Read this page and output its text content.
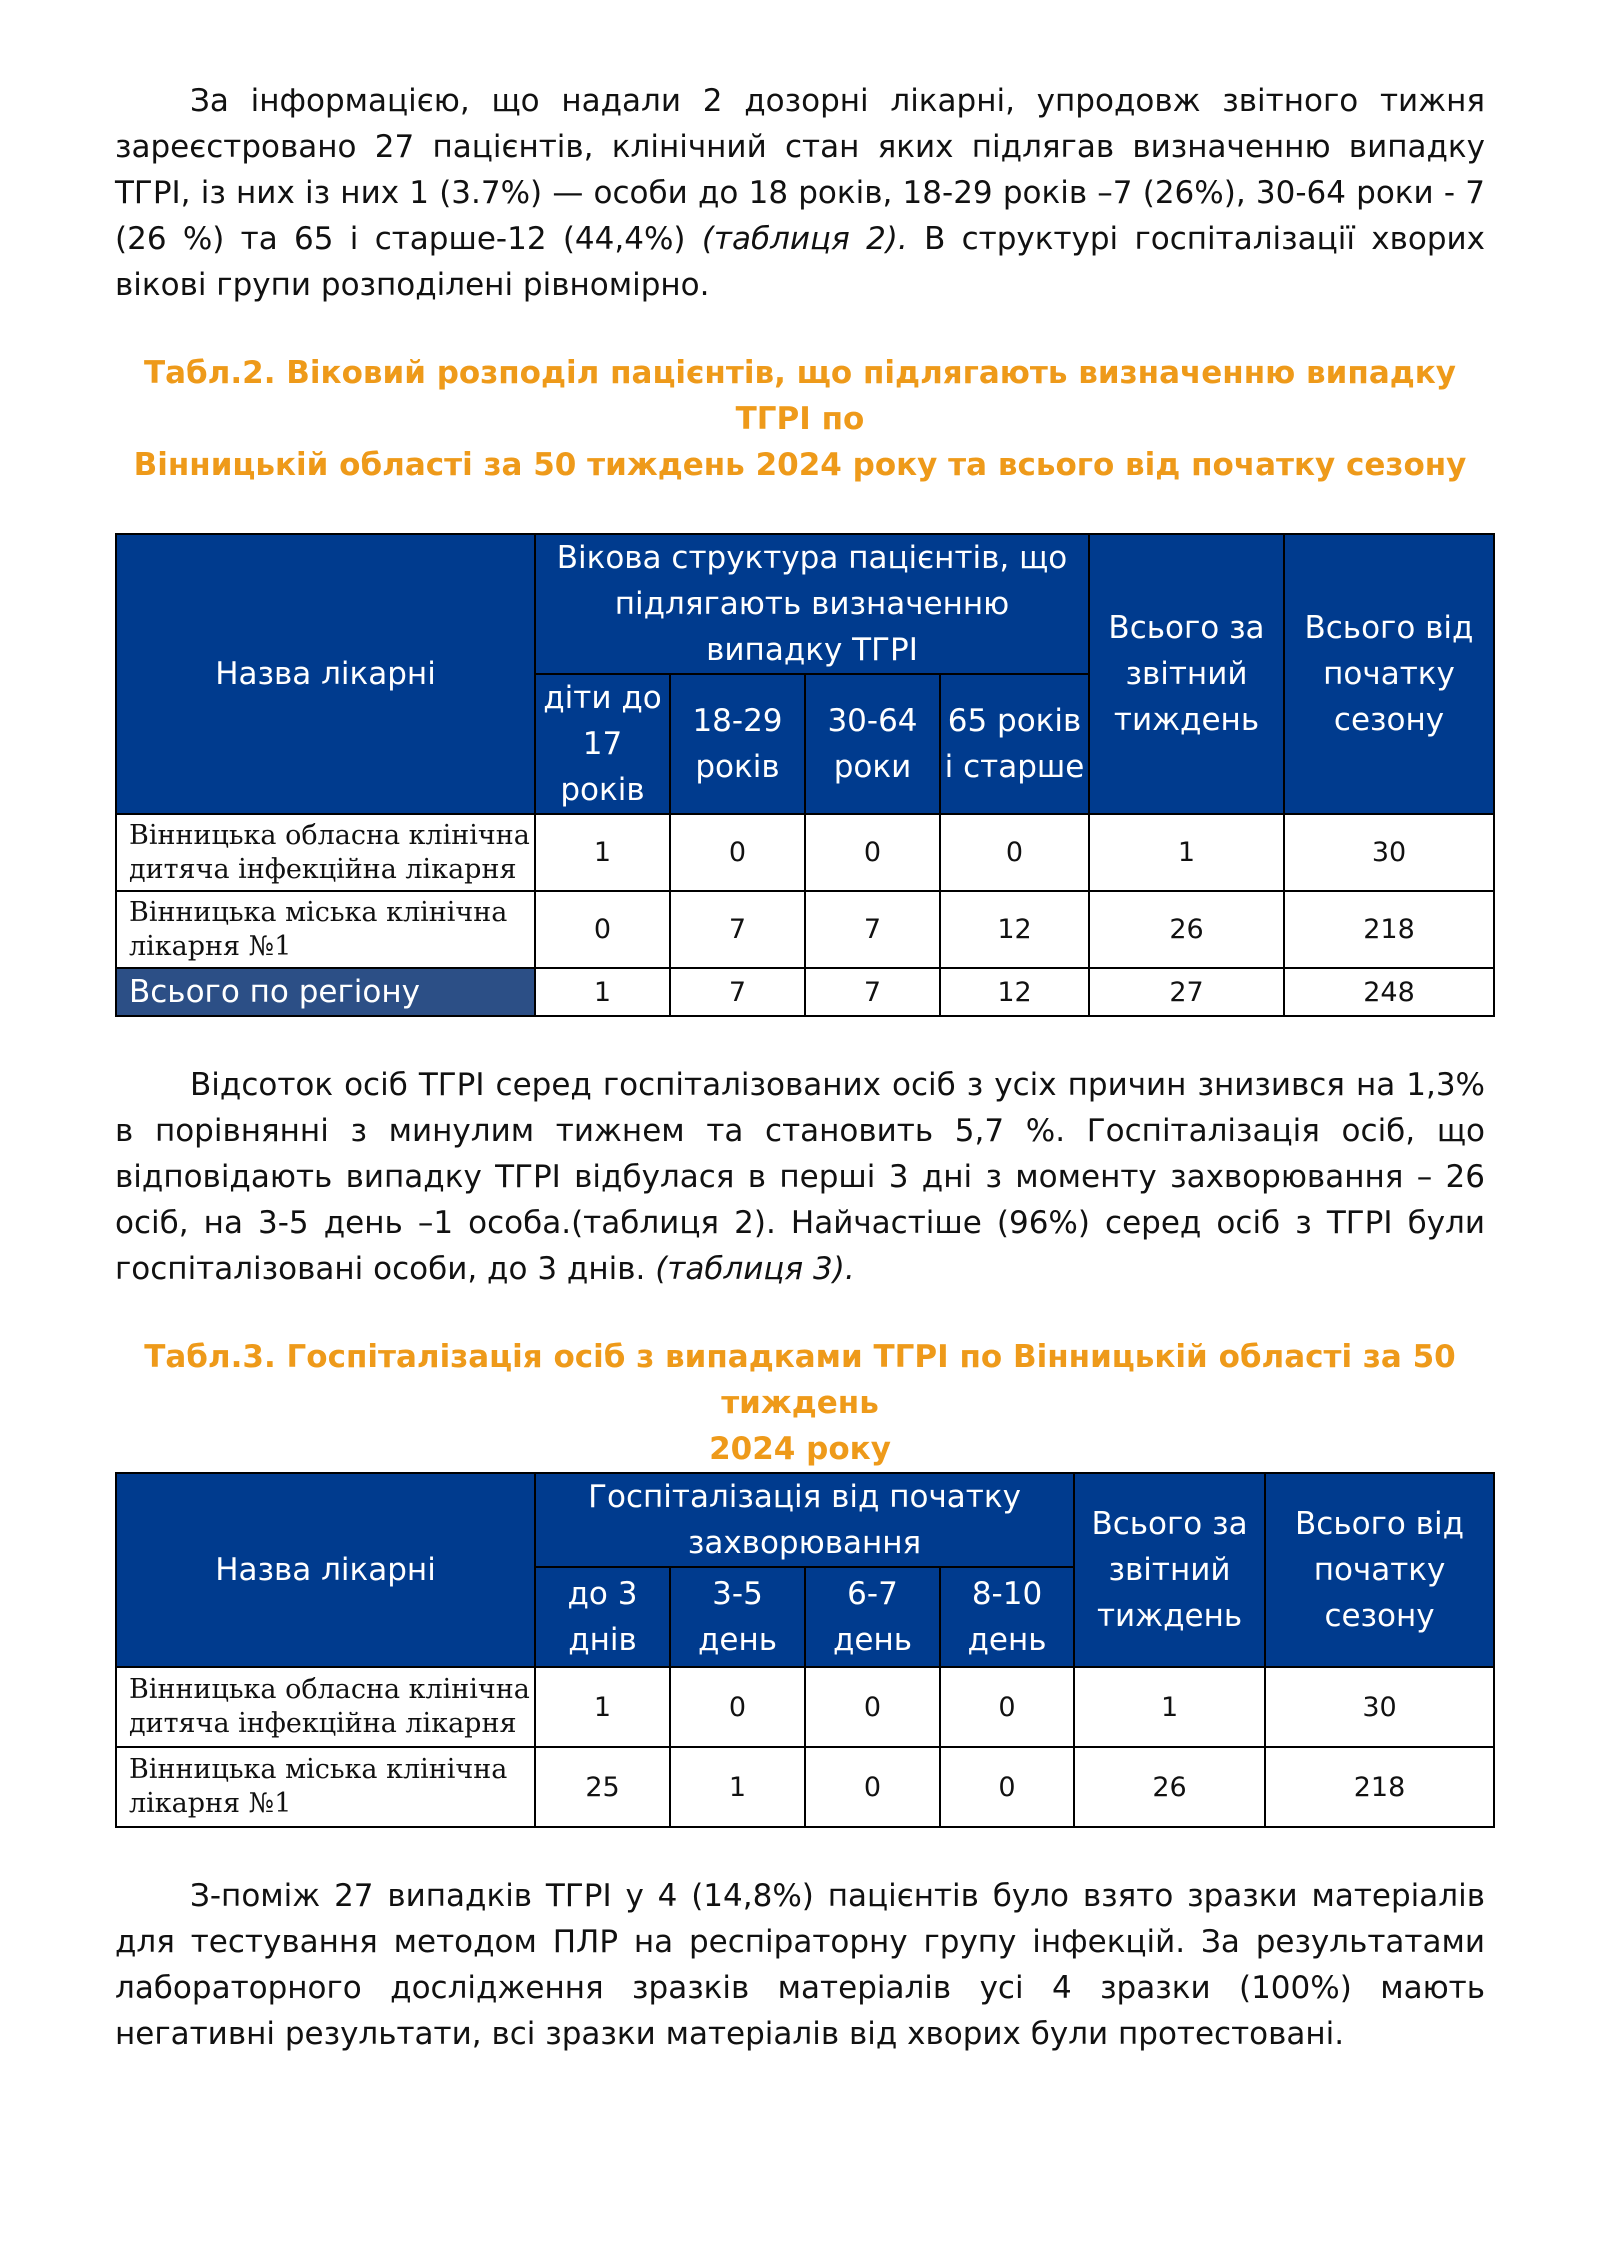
За інформацією, що надали 2 дозорні лікарні, упродовж звітного тижня зареєстровано 27 пацієнтів, клінічний стан яких підлягав визначенню випадку ТГРІ, із них із них 1 (3.7%) — особи до 18 років, 18-29 років –7 (26%), 30-64 роки - 7 (26 %) та 65 і старше-12 (44,4%) (таблиця 2). В структурі госпіталізації хворих вікові групи розподілені рівномірно.

Табл.2. Віковий розподіл пацієнтів, що підлягають визначенню випадку ТГРІ по
Вінницькій області за 50 тиждень 2024 року та всього від початку сезону

Назва лікарні	Вікова структура пацієнтів, що підлягають визначенню випадку ТГРІ				Всього за звітний тиждень	Всього від початку сезону
	діти до 17 років	18-29 років	30-64 роки	65 років і старше		
Вінницька обласна клінічна дитяча інфекційна лікарня	1	0	0	0	1	30
Вінницька міська клінічна лікарня №1	0	7	7	12	26	218
Всього по регіону	1	7	7	12	27	248

Відсоток осіб ТГРІ серед госпіталізованих осіб з усіх причин знизився на 1,3% в порівнянні з минулим тижнем та становить 5,7 %. Госпіталізація осіб, що відповідають випадку ТГРІ відбулася в перші 3 дні з моменту захворювання – 26 осіб, на 3-5 день –1 особа.(таблиця 2). Найчастіше (96%) серед осіб з ТГРІ були госпіталізовані особи, до 3 днів. (таблиця 3).

Табл.3. Госпіталізація осіб з випадками ТГРІ по Вінницькій області за 50 тиждень
2024 року

Назва лікарні	Госпіталізація від початку захворювання				Всього за звітний тиждень	Всього від початку сезону
	до 3 днів	3-5 день	6-7 день	8-10 день		
Вінницька обласна клінічна дитяча інфекційна лікарня	1	0	0	0	1	30
Вінницька міська клінічна лікарня №1	25	1	0	0	26	218

З-поміж 27 випадків ТГРІ у 4 (14,8%) пацієнтів було взято зразки матеріалів для тестування методом ПЛР на респіраторну групу інфекцій. За результатами лабораторного дослідження зразків матеріалів усі 4 зразки (100%) мають негативні результати, всі зразки матеріалів від хворих були протестовані.
